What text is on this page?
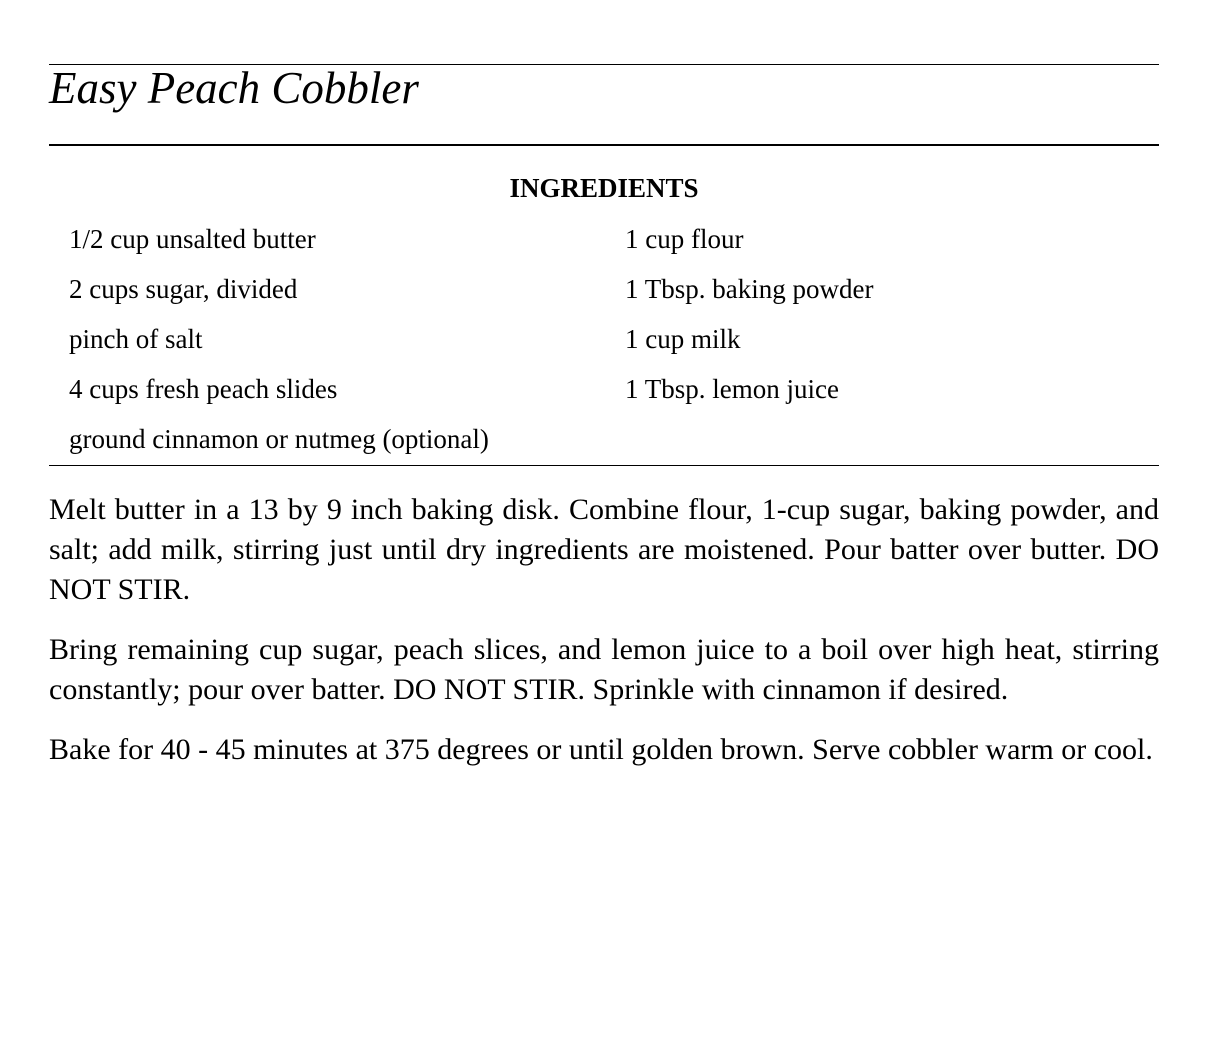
Easy Peach Cobbler
INGREDIENTS
1/2 cup unsalted butter
2 cups sugar, divided
pinch of salt
4 cups fresh peach slides
ground cinnamon or nutmeg (optional)
1 cup flour
1 Tbsp. baking powder
1 cup milk
1 Tbsp. lemon juice

Melt butter in a 13 by 9 inch baking disk. Combine flour, 1-cup sugar, baking powder, and salt; add milk, stirring just until dry ingredients are moistened. Pour batter over butter. DO NOT STIR.

Bring remaining cup sugar, peach slices, and lemon juice to a boil over high heat, stirring constantly; pour over batter. DO NOT STIR. Sprinkle with cinnamon if desired.

Bake for 40 - 45 minutes at 375 degrees or until golden brown. Serve cobbler warm or cool.
